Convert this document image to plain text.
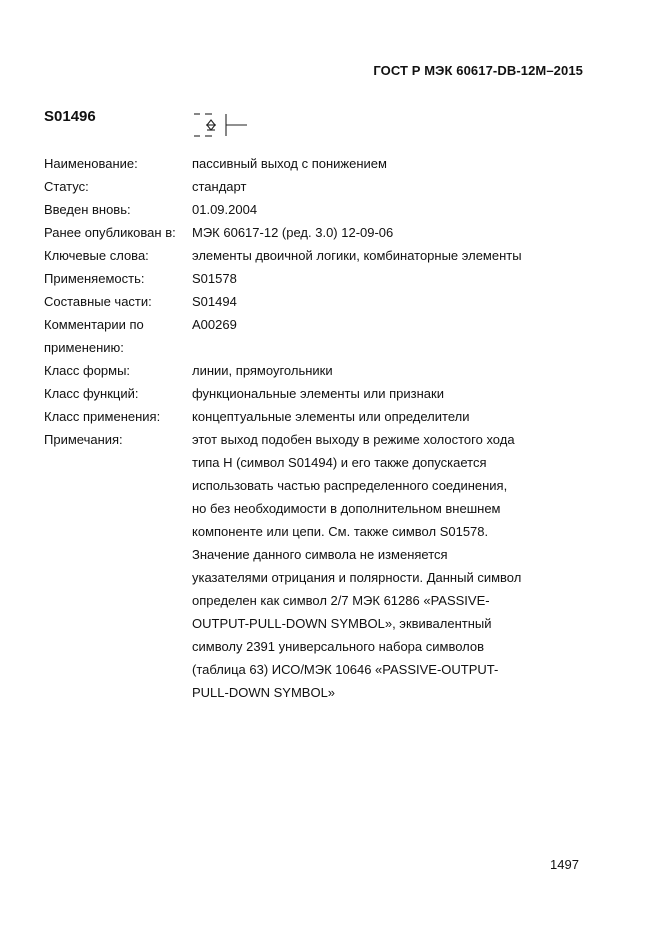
ГОСТ Р МЭК 60617-DB-12M–2015
S01496
Наименование:	пассивный выход с понижением
Статус:	стандарт
Введен вновь:	01.09.2004
Ранее опубликован в:	МЭК 60617-12 (ред. 3.0) 12-09-06
Ключевые слова:	элементы двоичной логики, комбинаторные элементы
Применяемость:	S01578
Составные части:	S01494
Комментарии по	A00269
применению:
Класс формы:	линии, прямоугольники
Класс функций:	функциональные элементы или признаки
Класс применения:	концептуальные элементы или определители
Примечания:	этот выход подобен выходу в режиме холостого хода
типа Н (символ S01494) и его также допускается
использовать частью распределенного соединения,
но без необходимости в дополнительном внешнем
компоненте или цепи. См. также символ S01578.
Значение данного символа не изменяется
указателями отрицания и полярности. Данный символ
определен как символ 2/7 МЭК 61286 «PASSIVE-
OUTPUT-PULL-DOWN SYMBOL», эквивалентный
символу 2391 универсального набора символов
(таблица 63) ИСО/МЭК 10646 «PASSIVE-OUTPUT-
PULL-DOWN SYMBOL»
1497
